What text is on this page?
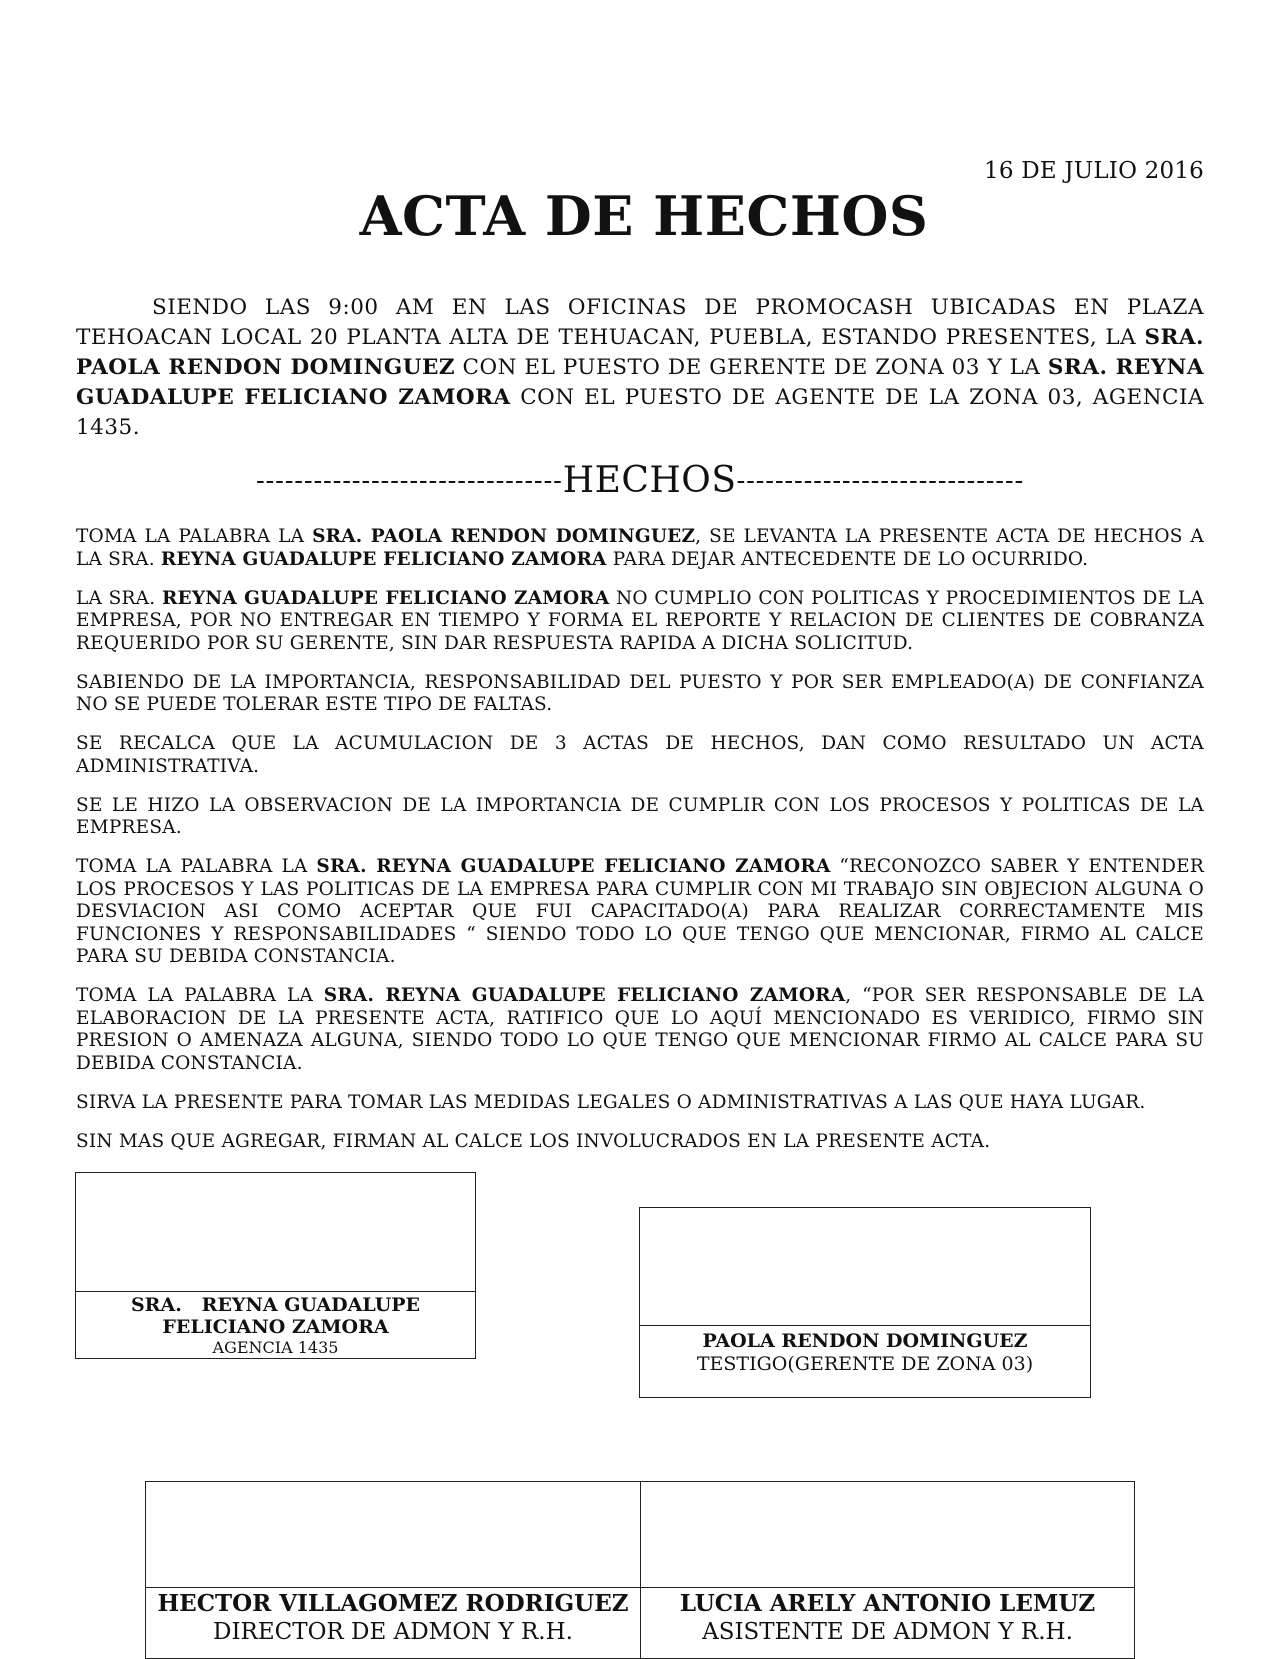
16 DE JULIO 2016
ACTA DE HECHOS
SIENDO LAS 9:00 AM EN LAS OFICINAS DE PROMOCASH UBICADAS EN PLAZA TEHOACAN LOCAL 20 PLANTA ALTA DE TEHUACAN, PUEBLA, ESTANDO PRESENTES, LA SRA. PAOLA RENDON DOMINGUEZ CON EL PUESTO DE GERENTE DE ZONA 03 Y LA SRA. REYNA GUADALUPE FELICIANO ZAMORA CON EL PUESTO DE AGENTE DE LA ZONA 03, AGENCIA 1435.
--------------------------------HECHOS------------------------------

TOMA LA PALABRA LA SRA. PAOLA RENDON DOMINGUEZ, SE LEVANTA LA PRESENTE ACTA DE HECHOS A LA SRA. REYNA GUADALUPE FELICIANO ZAMORA PARA DEJAR ANTECEDENTE DE LO OCURRIDO.

LA SRA. REYNA GUADALUPE FELICIANO ZAMORA NO CUMPLIO CON POLITICAS Y PROCEDIMIENTOS DE LA EMPRESA, POR NO ENTREGAR EN TIEMPO Y FORMA EL REPORTE Y RELACION DE CLIENTES DE COBRANZA REQUERIDO POR SU GERENTE, SIN DAR RESPUESTA RAPIDA A DICHA SOLICITUD.

SABIENDO DE LA IMPORTANCIA, RESPONSABILIDAD DEL PUESTO Y POR SER EMPLEADO(A) DE CONFIANZA NO SE PUEDE TOLERAR ESTE TIPO DE FALTAS.

SE RECALCA QUE LA ACUMULACION DE 3 ACTAS DE HECHOS, DAN COMO RESULTADO UN ACTA ADMINISTRATIVA.

SE LE HIZO LA OBSERVACION DE LA IMPORTANCIA DE CUMPLIR CON LOS PROCESOS Y POLITICAS DE LA EMPRESA.

TOMA LA PALABRA LA SRA. REYNA GUADALUPE FELICIANO ZAMORA “RECONOZCO SABER Y ENTENDER LOS PROCESOS Y LAS POLITICAS DE LA EMPRESA PARA CUMPLIR CON MI TRABAJO SIN OBJECION ALGUNA O DESVIACION ASI COMO ACEPTAR QUE FUI CAPACITADO(A) PARA REALIZAR CORRECTAMENTE MIS FUNCIONES Y RESPONSABILIDADES “ SIENDO TODO LO QUE TENGO QUE MENCIONAR, FIRMO AL CALCE PARA SU DEBIDA CONSTANCIA.

TOMA LA PALABRA LA SRA. REYNA GUADALUPE FELICIANO ZAMORA, “POR SER RESPONSABLE DE LA ELABORACION DE LA PRESENTE ACTA, RATIFICO QUE LO AQUÍ MENCIONADO ES VERIDICO, FIRMO SIN PRESION O AMENAZA ALGUNA, SIENDO TODO LO QUE TENGO QUE MENCIONAR FIRMO AL CALCE PARA SU DEBIDA CONSTANCIA.

SIRVA LA PRESENTE PARA TOMAR LAS MEDIDAS LEGALES O ADMINISTRATIVAS A LAS QUE HAYA LUGAR.

SIN MAS QUE AGREGAR, FIRMAN AL CALCE LOS INVOLUCRADOS EN LA PRESENTE ACTA.

SRA.   REYNA GUADALUPE
FELICIANO ZAMORA
AGENCIA 1435	PAOLA RENDON DOMINGUEZ
TESTIGO(GERENTE DE ZONA 03)
HECTOR VILLAGOMEZ RODRIGUEZ
DIRECTOR DE ADMON Y R.H.
LUCIA ARELY ANTONIO LEMUZ
ASISTENTE DE ADMON Y R.H.
